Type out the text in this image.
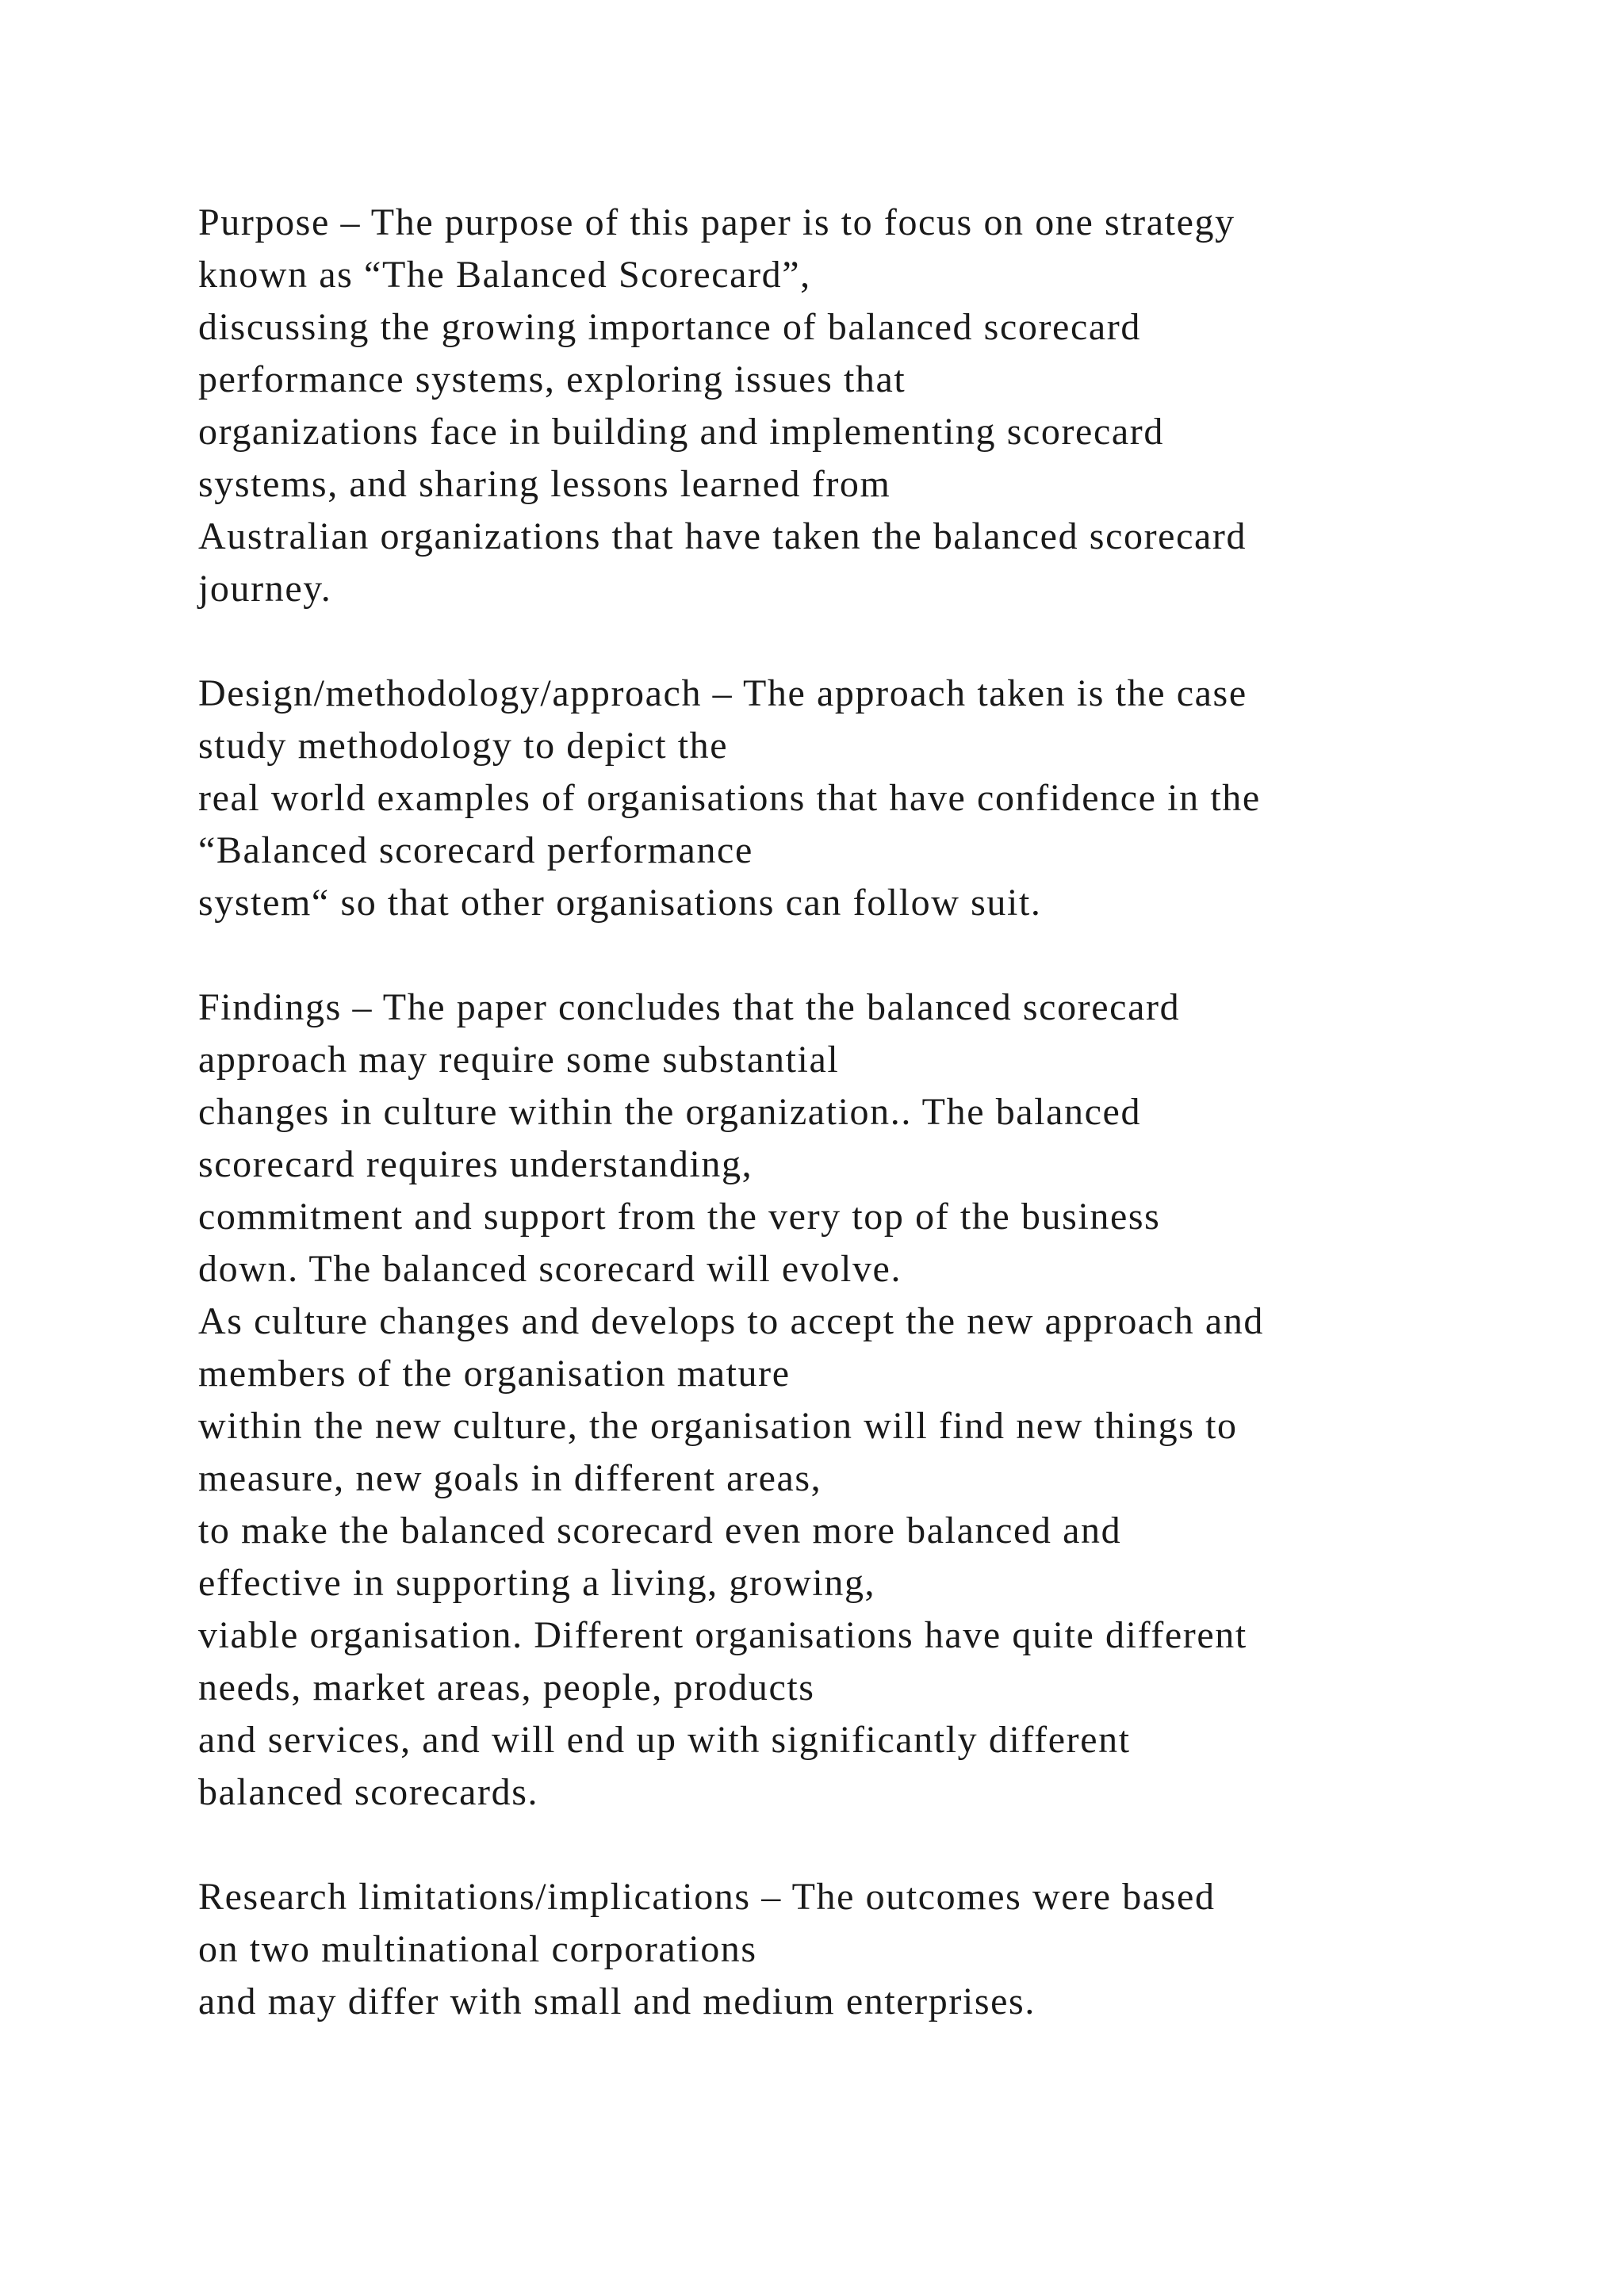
Purpose – The purpose of this paper is to focus on one strategy
known as “The Balanced Scorecard”,
discussing the growing importance of balanced scorecard
performance systems, exploring issues that
organizations face in building and implementing scorecard
systems, and sharing lessons learned from
Australian organizations that have taken the balanced scorecard
journey.
Design/methodology/approach – The approach taken is the case
study methodology to depict the
real world examples of organisations that have confidence in the
“Balanced scorecard performance
system“ so that other organisations can follow suit.
Findings – The paper concludes that the balanced scorecard
approach may require some substantial
changes in culture within the organization.. The balanced
scorecard requires understanding,
commitment and support from the very top of the business
down. The balanced scorecard will evolve.
As culture changes and develops to accept the new approach and
members of the organisation mature
within the new culture, the organisation will find new things to
measure, new goals in different areas,
to make the balanced scorecard even more balanced and
effective in supporting a living, growing,
viable organisation. Different organisations have quite different
needs, market areas, people, products
and services, and will end up with significantly different
balanced scorecards.
Research limitations/implications – The outcomes were based
on two multinational corporations
and may differ with small and medium enterprises.
